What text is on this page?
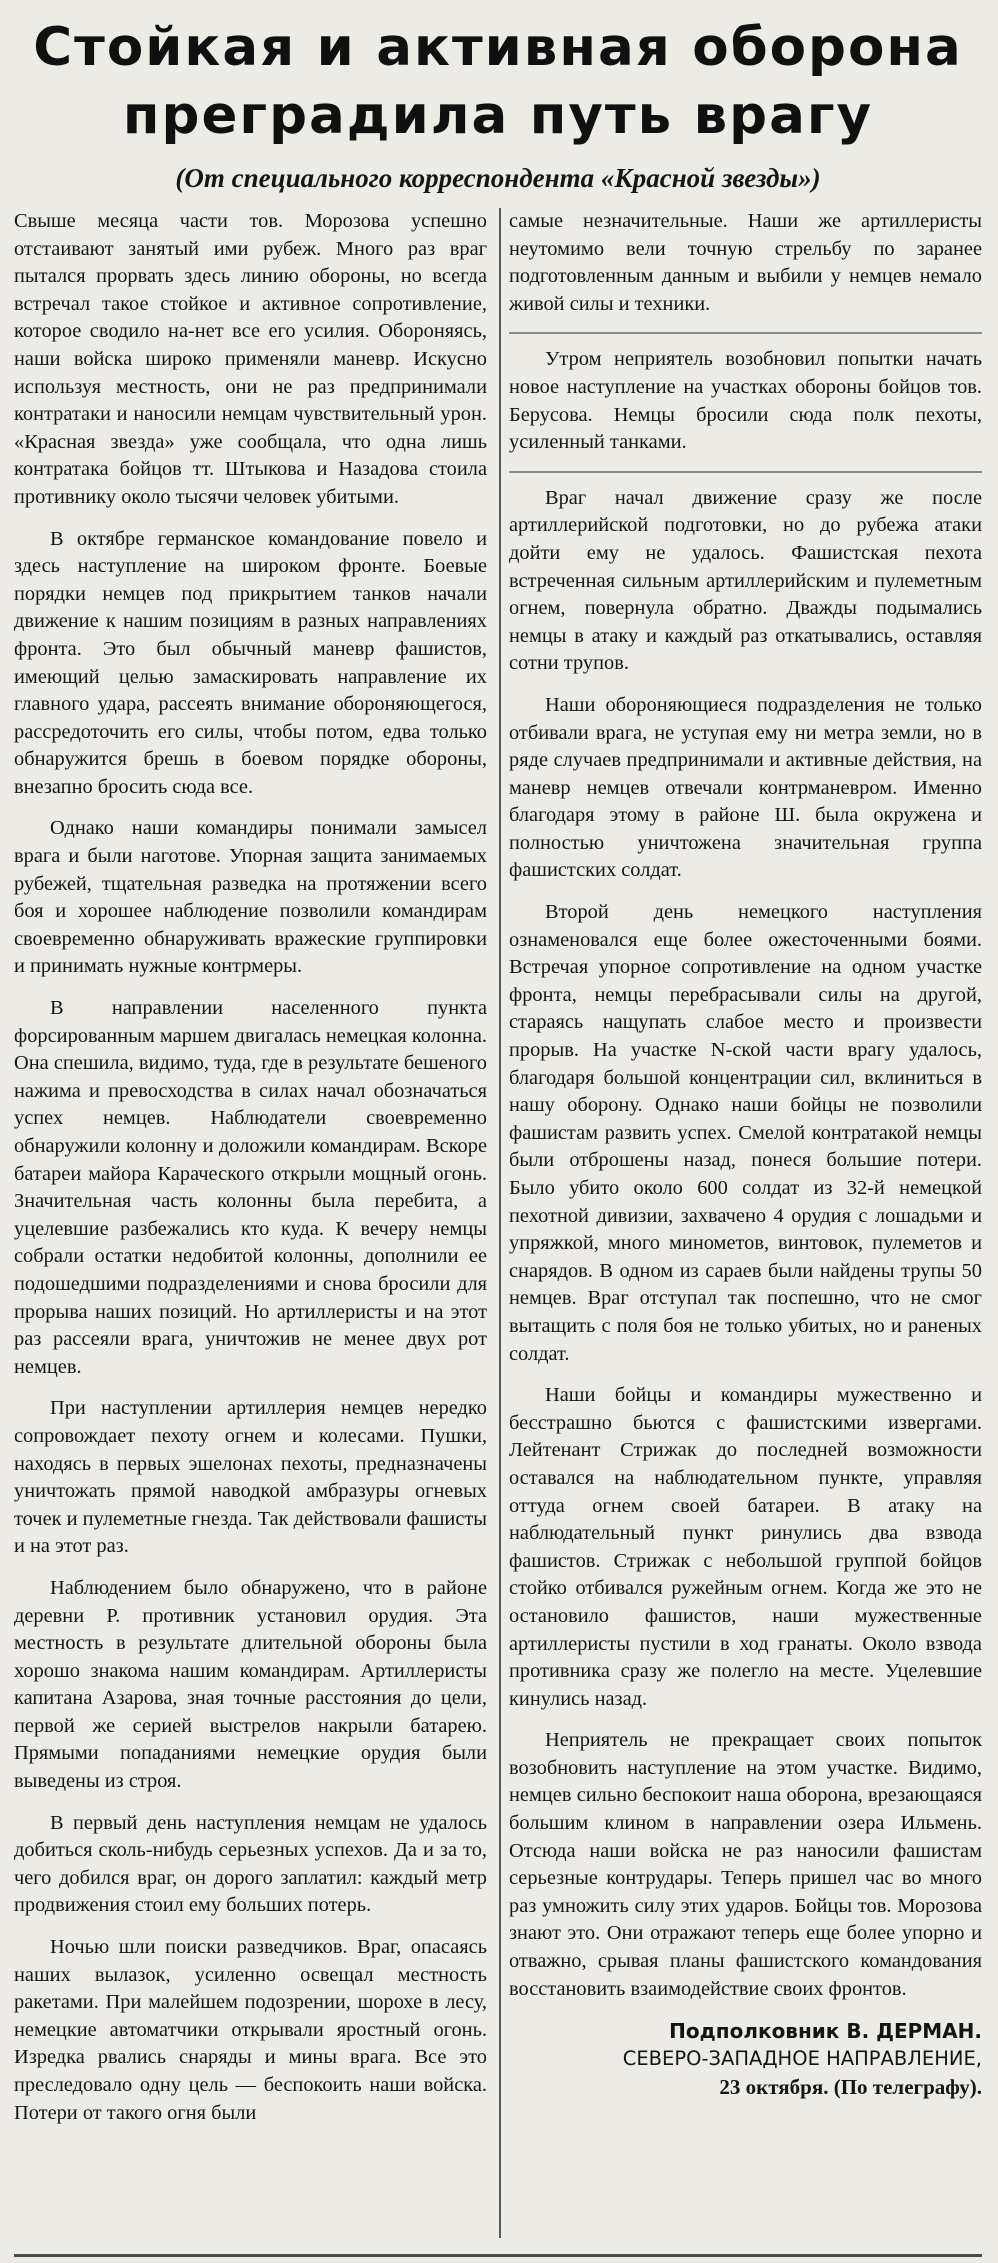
Стойкая и активная оборона
преградила путь врагу
(От специального корреспондента «Красной звезды»)

Свыше месяца части тов. Морозова успешно отстаивают занятый ими рубеж. Много раз враг пытался прорвать здесь линию обороны, но всегда встречал такое стойкое и активное сопротивление, которое сводило на-нет все его усилия. Обороняясь, наши войска широко применяли маневр. Искусно используя местность, они не раз предпринимали контратаки и наносили немцам чувствительный урон. «Красная звезда» уже сообщала, что одна лишь контратака бойцов тт. Штыкова и Назадова стоила противнику около тысячи человек убитыми.

В октябре германское командование повело и здесь наступление на широком фронте. Боевые порядки немцев под прикрытием танков начали движение к нашим позициям в разных направлениях фронта. Это был обычный маневр фашистов, имеющий целью замаскировать направление их главного удара, рассеять внимание обороняющегося, рассредоточить его силы, чтобы потом, едва только обнаружится брешь в боевом порядке обороны, внезапно бросить сюда все.

Однако наши командиры понимали замысел врага и были наготове. Упорная защита занимаемых рубежей, тщательная разведка на протяжении всего боя и хорошее наблюдение позволили командирам своевременно обнаруживать вражеские группировки и принимать нужные контрмеры.

В направлении населенного пункта форсированным маршем двигалась немецкая колонна. Она спешила, видимо, туда, где в результате бешеного нажима и превосходства в силах начал обозначаться успех немцев. Наблюдатели своевременно обнаружили колонну и доложили командирам. Вскоре батареи майора Караческого открыли мощный огонь. Значительная часть колонны была перебита, а уцелевшие разбежались кто куда. К вечеру немцы собрали остатки недобитой колонны, дополнили ее подошедшими подразделениями и снова бросили для прорыва наших позиций. Но артиллеристы и на этот раз рассеяли врага, уничтожив не менее двух рот немцев.

При наступлении артиллерия немцев нередко сопровождает пехоту огнем и колесами. Пушки, находясь в первых эшелонах пехоты, предназначены уничтожать прямой наводкой амбразуры огневых точек и пулеметные гнезда. Так действовали фашисты и на этот раз.

Наблюдением было обнаружено, что в районе деревни Р. противник установил орудия. Эта местность в результате длительной обороны была хорошо знакома нашим командирам. Артиллеристы капитана Азарова, зная точные расстояния до цели, первой же серией выстрелов накрыли батарею. Прямыми попаданиями немецкие орудия были выведены из строя.

В первый день наступления немцам не удалось добиться сколь-нибудь серьезных успехов. Да и за то, чего добился враг, он дорого заплатил: каждый метр продвижения стоил ему больших потерь.

Ночью шли поиски разведчиков. Враг, опасаясь наших вылазок, усиленно освещал местность ракетами. При малейшем подозрении, шорохе в лесу, немецкие автоматчики открывали яростный огонь. Изредка рвались снаряды и мины врага. Все это преследовало одну цель — беспокоить наши войска. Потери от такого огня были

самые незначительные. Наши же артиллеристы неутомимо вели точную стрельбу по заранее подготовленным данным и выбили у немцев немало живой силы и техники.

Утром неприятель возобновил попытки начать новое наступление на участках обороны бойцов тов. Берусова. Немцы бросили сюда полк пехоты, усиленный танками.

Враг начал движение сразу же после артиллерийской подготовки, но до рубежа атаки дойти ему не удалось. Фашистская пехота встреченная сильным артиллерийским и пулеметным огнем, повернула обратно. Дважды подымались немцы в атаку и каждый раз откатывались, оставляя сотни трупов.

Наши обороняющиеся подразделения не только отбивали врага, не уступая ему ни метра земли, но в ряде случаев предпринимали и активные действия, на маневр немцев отвечали контрманевром. Именно благодаря этому в районе Ш. была окружена и полностью уничтожена значительная группа фашистских солдат.

Второй день немецкого наступления ознаменовался еще более ожесточенными боями. Встречая упорное сопротивление на одном участке фронта, немцы перебрасывали силы на другой, стараясь нащупать слабое место и произвести прорыв. На участке N-ской части врагу удалось, благодаря большой концентрации сил, вклиниться в нашу оборону. Однако наши бойцы не позволили фашистам развить успех. Смелой контратакой немцы были отброшены назад, понеся большие потери. Было убито около 600 солдат из 32-й немецкой пехотной дивизии, захвачено 4 орудия с лошадьми и упряжкой, много минометов, винтовок, пулеметов и снарядов. В одном из сараев были найдены трупы 50 немцев. Враг отступал так поспешно, что не смог вытащить с поля боя не только убитых, но и раненых солдат.

Наши бойцы и командиры мужественно и бесстрашно бьются с фашистскими извергами. Лейтенант Стрижак до последней возможности оставался на наблюдательном пункте, управляя оттуда огнем своей батареи. В атаку на наблюдательный пункт ринулись два взвода фашистов. Стрижак с небольшой группой бойцов стойко отбивался ружейным огнем. Когда же это не остановило фашистов, наши мужественные артиллеристы пустили в ход гранаты. Около взвода противника сразу же полегло на месте. Уцелевшие кинулись назад.

Неприятель не прекращает своих попыток возобновить наступление на этом участке. Видимо, немцев сильно беспокоит наша оборона, врезающаяся большим клином в направлении озера Ильмень. Отсюда наши войска не раз наносили фашистам серьезные контрудары. Теперь пришел час во много раз умножить силу этих ударов. Бойцы тов. Морозова знают это. Они отражают теперь еще более упорно и отважно, срывая планы фашистского командования восстановить взаимодействие своих фронтов.

Подполковник В. ДЕРМАН.
СЕВЕРО-ЗАПАДНОЕ НАПРАВЛЕНИЕ,
23 октября. (По телеграфу).
